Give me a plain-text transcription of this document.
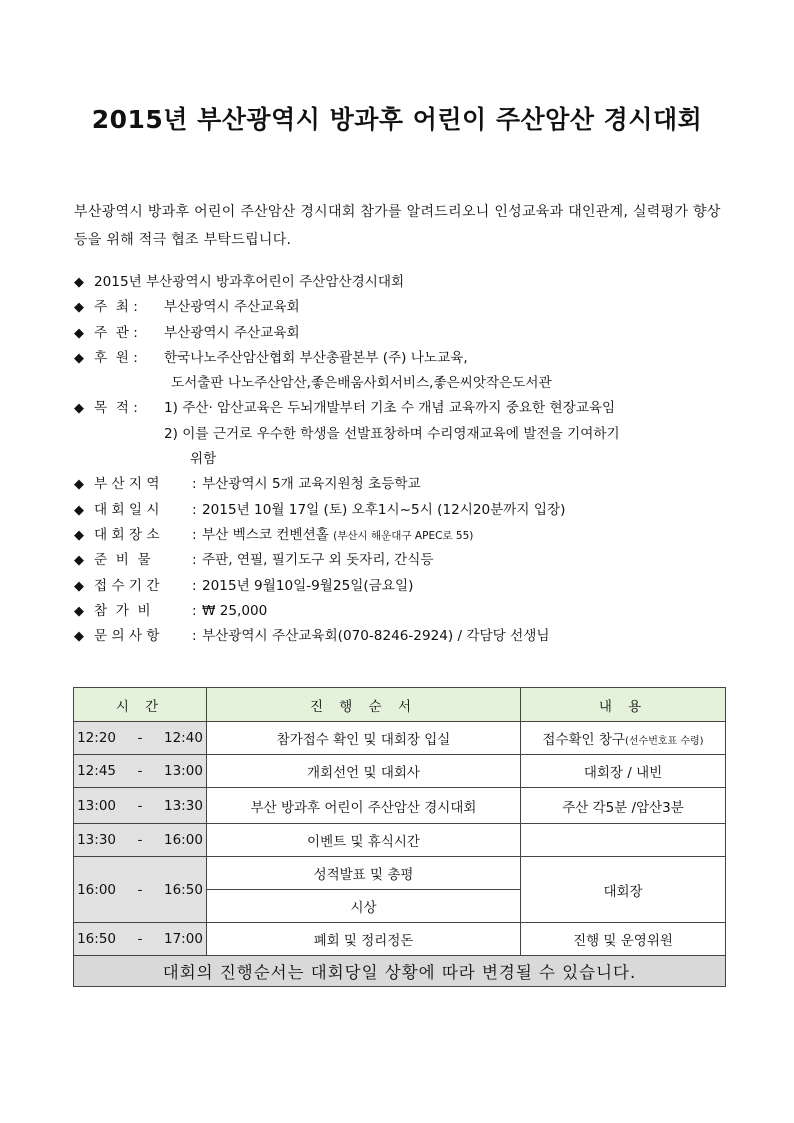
2015년 부산광역시 방과후 어린이 주산암산 경시대회
부산광역시 방과후 어린이 주산암산 경시대회 참가를 알려드리오니 인성교육과 대인관계, 실력평가 향상 등을 위해 적극 협조 부탁드립니다.
◆ 2015년 부산광역시 방과후어린이 주산암산경시대회
◆ 주  최 : 부산광역시 주산교육회
◆ 주  관 : 부산광역시 주산교육회
◆ 후  원 : 한국나노주산암산협회 부산총괄본부 (주) 나노교육,
도서출판 나노주산암산,좋은배움사회서비스,좋은씨앗작은도서관
◆ 목  적 : 1) 주산· 암산교육은 두뇌개발부터 기초 수 개념 교육까지 중요한 현장교육임
2) 이를 근거로 우수한 학생을 선발표창하며 수리영재교육에 발전을 기여하기
위함
◆ 부 산 지 역 : 부산광역시 5개 교육지원청 초등학교
◆ 대 회 일 시 : 2015년 10월 17일 (토) 오후1시~5시 (12시20분까지 입장)
◆ 대 회 장 소 : 부산 벡스코 컨벤션홀 (부산시 해운대구 APEC로 55)
◆ 준  비  물	: 주판, 연필, 필기도구 외 돗자리, 간식등
◆ 접 수 기 간 : 2015년 9월10일-9월25일(금요일)
◆ 참  가  비	: ₩ 25,000
◆ 문 의 사 항 : 부산광역시 주산교육회(070-8246-2924) / 각담당 선생님
시 간	진 행 순 서	내 용
12:20 - 12:40	참가접수 확인 및 대회장 입실	접수확인 창구(선수번호표 수령)
12:45 - 13:00	개회선언 및 대회사	대회장 / 내빈
13:00 - 13:30	부산 방과후 어린이 주산암산 경시대회	주산 각5분 /암산3분
13:30 - 16:00	이벤트 및 휴식시간	
16:00 - 16:50	성적발표 및 총평	대회장
	시상	
16:50 - 17:00	폐회 및 정리정돈	진행 및 운영위원
대회의 진행순서는 대회당일 상황에 따라 변경될 수 있습니다.		
